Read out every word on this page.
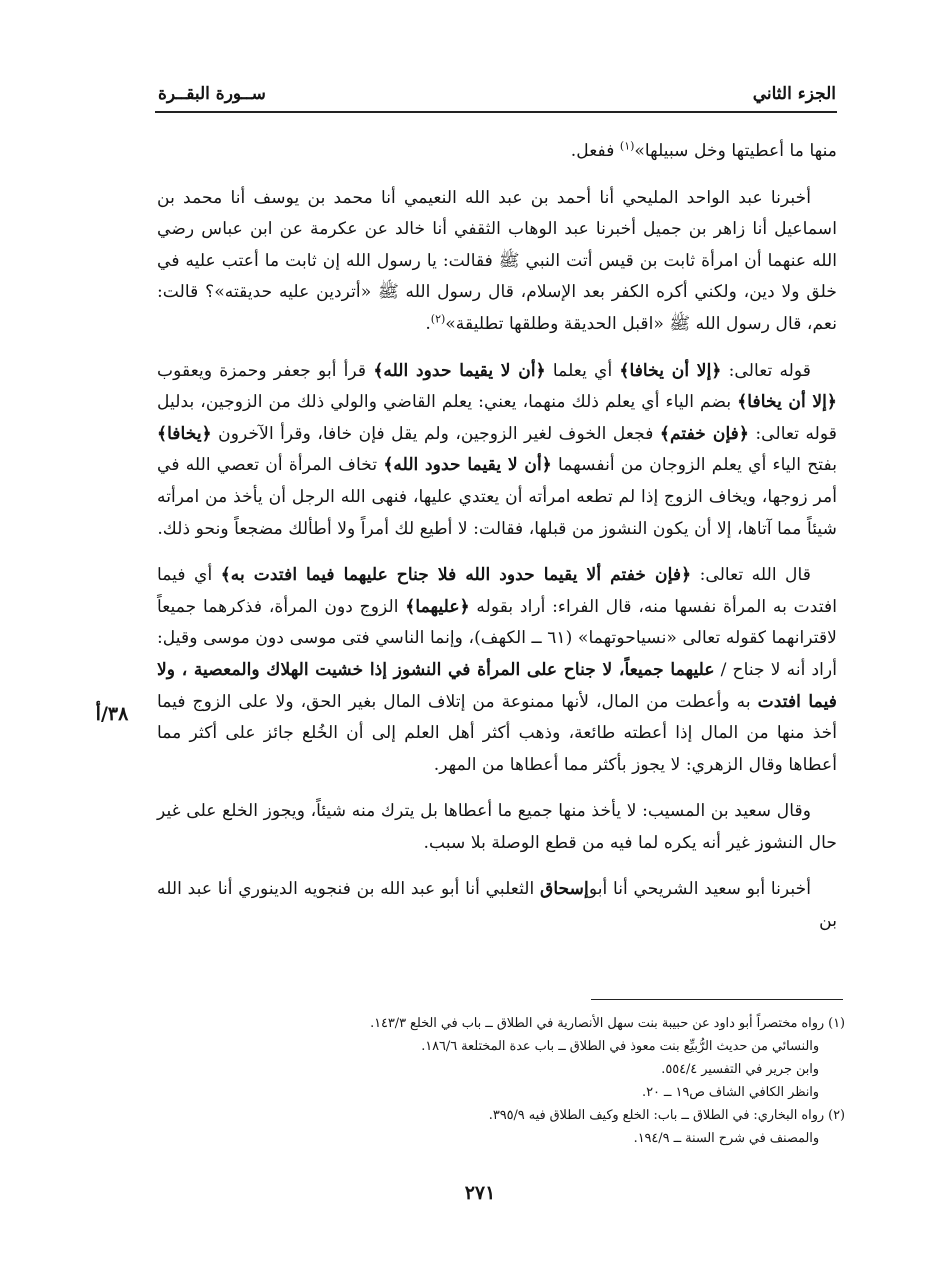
الجزء الثاني
ســورة البقــرة

منها ما أعطيتها وخل سبيلها»$^{(١)}$ ففعل.

أخبرنا عبد الواحد المليحي أنا أحمد بن عبد الله النعيمي أنا محمد بن يوسف أنا محمد بن اسماعيل أنا زاهر بن جميل أخبرنا عبد الوهاب الثقفي أنا خالد عن عكرمة عن ابن عباس رضي الله عنهما أن امرأة ثابت بن قيس أتت النبي ﷺ فقالت: يا رسول الله إن ثابت ما أعتب عليه في خلق ولا دين، ولكني أكره الكفر بعد الإسلام، قال رسول الله ﷺ «أتردين عليه حديقته»؟ قالت: نعم، قال رسول الله ﷺ «اقبل الحديقة وطلقها تطليقة»$^{(٢)}$.

قوله تعالى: ﴿إلا أن يخافا﴾ أي يعلما ﴿أن لا يقيما حدود الله﴾ قرأ أبو جعفر وحمزة ويعقوب ﴿إلا أن يخافا﴾ بضم الياء أي يعلم ذلك منهما، يعني: يعلم القاضي والولي ذلك من الزوجين، بدليل قوله تعالى: ﴿فإن خفتم﴾ فجعل الخوف لغير الزوجين، ولم يقل فإن خافا، وقرأ الآخرون ﴿يخافا﴾ بفتح الياء أي يعلم الزوجان من أنفسهما ﴿أن لا يقيما حدود الله﴾ تخاف المرأة أن تعصي الله في أمر زوجها، ويخاف الزوج إذا لم تطعه امرأته أن يعتدي عليها، فنهى الله الرجل أن يأخذ من امرأته شيئاً مما آتاها، إلا أن يكون النشوز من قبلها، فقالت: لا أطيع لك أمراً ولا أطألك مضجعاً ونحو ذلك.

قال الله تعالى: ﴿فإن خفتم ألا يقيما حدود الله فلا جناح عليهما فيما افتدت به﴾ أي فيما افتدت به المرأة نفسها منه، قال الفراء: أراد بقوله ﴿عليهما﴾ الزوج دون المرأة، فذكرهما جميعاً لاقترانهما كقوله تعالى «نسياحوتهما» (٦١ ــ الكهف)، وإنما الناسي فتى موسى دون موسى وقيل: أراد أنه لا جناح / عليهما جميعاً، لا جناح على المرأة في النشوز إذا خشيت الهلاك والمعصية ، ولا فيما افتدت به وأعطت من المال، لأنها ممنوعة من إتلاف المال بغير الحق، ولا على الزوج فيما أخذ منها من المال إذا أعطته طائعة، وذهب أكثر أهل العلم إلى أن الخُلع جائز على أكثر مما أعطاها وقال الزهري: لا يجوز بأكثر مما أعطاها من المهر.

وقال سعيد بن المسيب: لا يأخذ منها جميع ما أعطاها بل يترك منه شيئاً، ويجوز الخلع على غير حال النشوز غير أنه يكره لما فيه من قطع الوصلة بلا سبب.

أخبرنا أبو سعيد الشريحي أنا أبوإسحاق الثعلبي أنا أبو عبد الله بن فنجويه الدينوري أنا عبد الله بن

٣٨/أ

(١) رواه مختصراً أبو داود عن حبيبة بنت سهل الأنصارية في الطلاق ــ باب في الخلع ١٤٣/٣.

والنسائي من حديث الرُّبيِّع بنت معوذ في الطلاق ــ باب عدة المختلعة ١٨٦/٦.

وابن جرير في التفسير ٥٥٤/٤.

وانظر الكافي الشاف ص١٩ ــ ٢٠.

(٢) رواه البخاري: في الطلاق ــ باب: الخلع وكيف الطلاق فيه ٣٩٥/٩.

والمصنف في شرح السنة ــ ١٩٤/٩.

٢٧١
